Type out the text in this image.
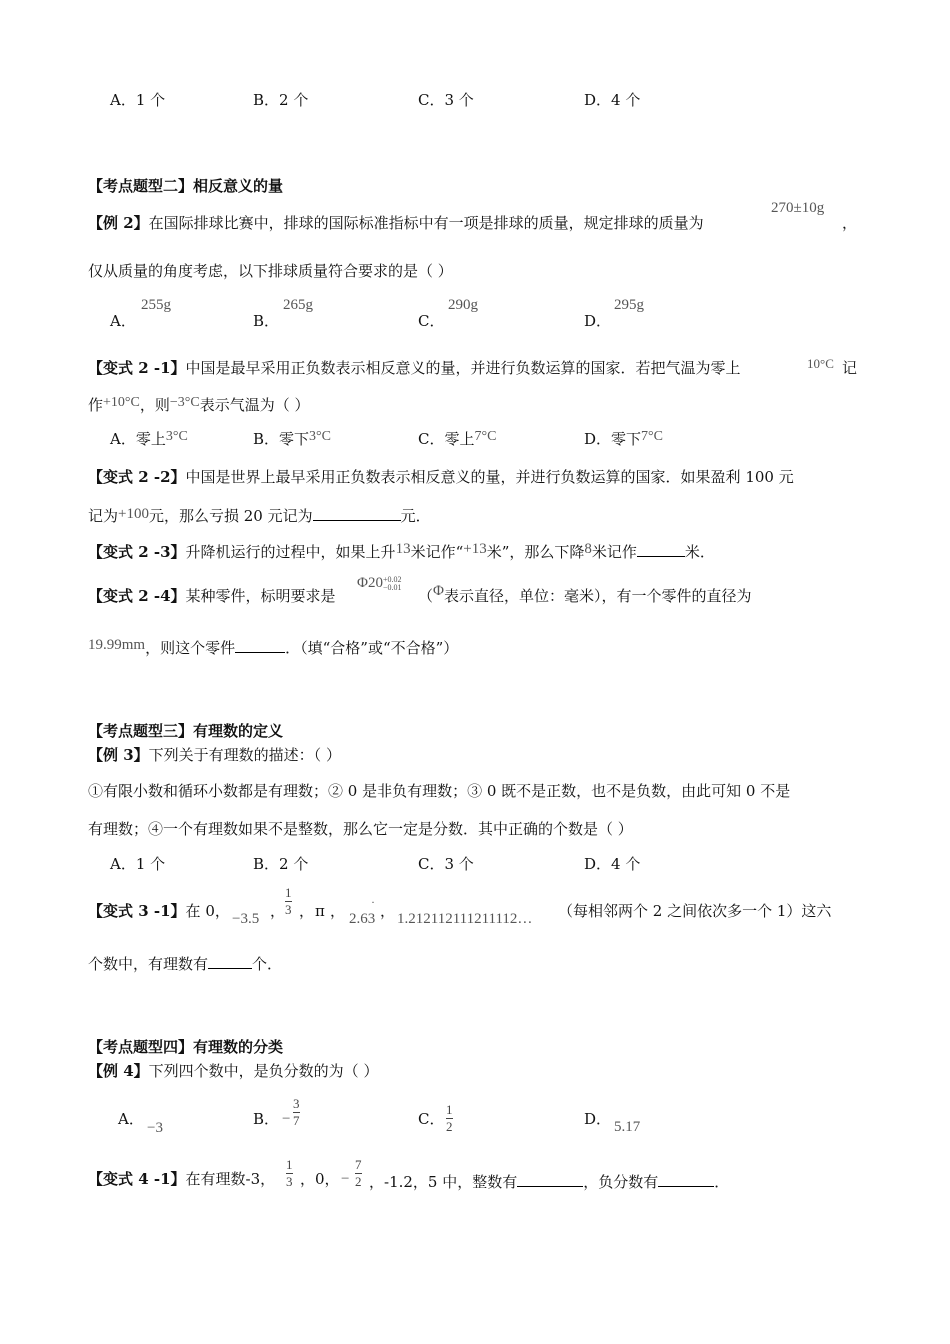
A．1 个	B．2 个	C．3 个	D．4 个
【考点题型二】相反意义的量
【例 2】在国际排球比赛中，排球的国际标准指标中有一项是排球的质量，规定排球的质量为
270±10g
，
仅从质量的角度考虑，以下排球质量符合要求的是（ ）
A．
255g
B．
265g
C．
290g
D．
295g
【变式 2 -1】中国是最早采用正负数表示相反意义的量，并进行负数运算的国家．若把气温为零上	10°C 记
作+10°C，则−3°C表示气温为（ ）
A．零上3°C	B．零下3°C	C．零上7°C	D．零下7°C
【变式 2 -2】中国是世界上最早采用正负数表示相反意义的量，并进行负数运算的国家．如果盈利 100 元
记为+100元，那么亏损 20 元记为	元．
【变式 2 -3】升降机运行的过程中，如果上升13米记作“+13米”，那么下降8米记作	米．
【变式 2 -4】某种零件，标明要求是
Φ20 +0.02
−0.01 （Φ表示直径，单位：毫米），有一个零件的直径为
19.99mm，则这个零件	．（填“合格”或“不合格”）
【考点题型三】有理数的定义
【例 3】下列关于有理数的描述：（ ）
①有限小数和循环小数都是有理数；② 0 是非负有理数；③ 0 既不是正数，也不是负数，由此可知 0 不是
有理数；④一个有理数如果不是整数，那么它一定是分数．其中正确的个数是（ ）
A．1 个	B．2 个	C．3 个	D．4 个
【变式 3 -1】在 0， −3.5 ，
1
3 ， π ， 2.63
· ， 1.212112111211112… （每相邻两个 2 之间依次多一个 1）这六
个数中，有理数有	个．
【考点题型四】有理数的分类
【例 4】下列四个数中，是负分数的为（ ）
A． −3	B． −
3
7	C．
1
2	D． 5.17
【变式 4 -1】在有理数-3，
1
3 ，0， −
7
2 ，-1.2，5 中，整数有	，负分数有	．
